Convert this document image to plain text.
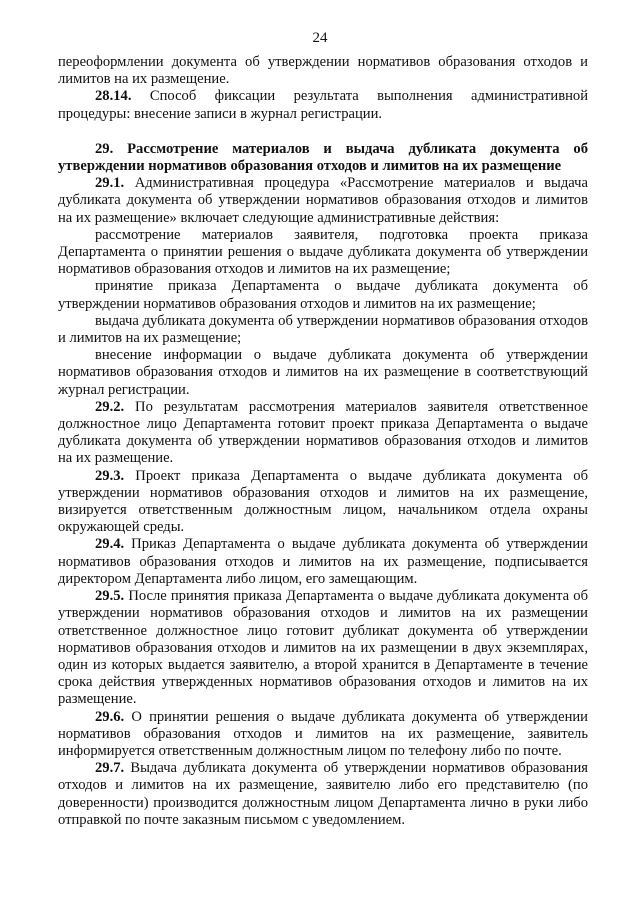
24

переоформлении документа об утверждении нормативов образования отходов и лимитов на их размещение.

28.14. Способ фиксации результата выполнения административной процедуры: внесение записи в журнал регистрации.

29. Рассмотрение материалов и выдача дубликата документа об утверждении нормативов образования отходов и лимитов на их размещение

29.1. Административная процедура «Рассмотрение материалов и выдача дубликата документа об утверждении нормативов образования отходов и лимитов на их размещение» включает следующие административные действия:

рассмотрение материалов заявителя, подготовка проекта приказа Департамента о принятии решения о выдаче дубликата документа об утверждении нормативов образования отходов и лимитов на их размещение;

принятие приказа Департамента о выдаче дубликата документа об утверждении нормативов образования отходов и лимитов на их размещение;

выдача дубликата документа об утверждении нормативов образования отходов и лимитов на их размещение;

внесение информации о выдаче дубликата документа об утверждении нормативов образования отходов и лимитов на их размещение в соответствующий журнал регистрации.

29.2. По результатам рассмотрения материалов заявителя ответственное должностное лицо Департамента готовит проект приказа Департамента о выдаче дубликата документа об утверждении нормативов образования отходов и лимитов на их размещение.

29.3. Проект приказа Департамента о выдаче дубликата документа об утверждении нормативов образования отходов и лимитов на их размещение, визируется ответственным должностным лицом, начальником отдела охраны окружающей среды.

29.4. Приказ Департамента о выдаче дубликата документа об утверждении нормативов образования отходов и лимитов на их размещение, подписывается директором Департамента либо лицом, его замещающим.

29.5. После принятия приказа Департамента о выдаче дубликата документа об утверждении нормативов образования отходов и лимитов на их размещении ответственное должностное лицо готовит дубликат документа об утверждении нормативов образования отходов и лимитов на их размещении в двух экземплярах, один из которых выдается заявителю, а второй хранится в Департаменте в течение срока действия утвержденных нормативов образования отходов и лимитов на их размещение.

29.6. О принятии решения о выдаче дубликата документа об утверждении нормативов образования отходов и лимитов на их размещение, заявитель информируется ответственным должностным лицом по телефону либо по почте.

29.7. Выдача дубликата документа об утверждении нормативов образования отходов и лимитов на их размещение, заявителю либо его представителю (по доверенности) производится должностным лицом Департамента лично в руки либо отправкой по почте заказным письмом с уведомлением.
